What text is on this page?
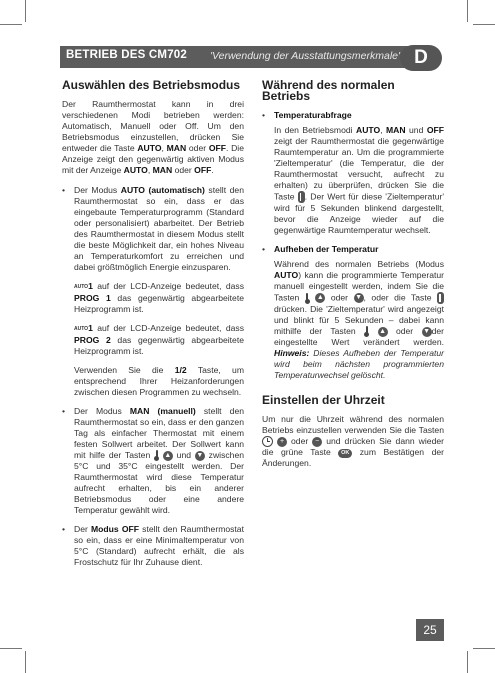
BETRIEB DES CM702 'Verwendung der Ausstattungsmerkmale' D
Auswählen des Betriebsmodus

Der Raumthermostat kann in drei verschiedenen Modi betrieben werden: Automatisch, Manuell oder Off. Um den Betriebsmodus einzustellen, drücken Sie entweder die Taste AUTO, MAN oder OFF. Die Anzeige zeigt den gegenwärtig aktiven Modus mit der Anzeige AUTO, MAN oder OFF.

• Der Modus AUTO (automatisch) stellt den Raumthermostat so ein, dass er das eingebaute Temperaturprogramm (Standard oder personalisiert) abarbeitet. Der Betrieb des Raumthermostat in diesem Modus stellt die beste Möglichkeit dar, ein hohes Niveau an Temperaturkomfort zu erreichen und dabei größtmöglich Energie einzusparen.

AUTO1 auf der LCD-Anzeige bedeutet, dass PROG 1 das gegenwärtig abgearbeitete Heizprogramm ist.

AUTO1 auf der LCD-Anzeige bedeutet, dass PROG 2 das gegenwärtig abgearbeitete Heizprogramm ist.

Verwenden Sie die 1/2 Taste, um entsprechend Ihrer Heizanforderungen zwischen diesen Programmen zu wechseln.

• Der Modus MAN (manuell) stellt den Raumthermostat so ein, dass er den ganzen Tag als einfacher Thermostat mit einem festen Sollwert arbeitet. Der Sollwert kann mit hilfe der Tasten  ▲ und ▼ zwischen 5°C und 35°C eingestellt werden. Der Raumthermostat wird diese Temperatur aufrecht erhalten, bis ein anderer Betriebsmodus oder eine andere Temperatur gewählt wird.
• Der Modus OFF stellt den Raumthermostat so ein, dass er eine Minimaltemperatur von 5°C (Standard) aufrecht erhält, die als Frostschutz für Ihr Zuhause dient.
Während des normalen Betriebs
• Temperaturabfrage

In den Betriebsmodi AUTO, MAN und OFF zeigt der Raumthermostat die gegenwärtige Raumtemperatur an. Um die programmierte 'Zieltemperatur' (die Temperatur, die der Raumthermostat versucht, aufrecht zu erhalten) zu überprüfen, drücken Sie die Taste . Der Wert für diese 'Zieltemperatur' wird für 5 Sekunden blinkend dargestellt, bevor die Anzeige wieder auf die gegenwärtige Raumtemperatur wechselt.

• Aufheben der Temperatur

Während des normalen Betriebs (Modus AUTO) kann die programmierte Temperatur manuell eingestellt werden, indem Sie die Tasten  ▲ oder ▼ , oder die Taste  drücken. Die 'Zieltemperatur' wird angezeigt und blinkt für 5 Sekunden – dabei kann mithilfe der Tasten  ▲ oder ▼ der eingestellte Wert verändert werden. Hinweis: Dieses Aufheben der Temperatur wird beim nächsten programmierten Temperaturwechsel gelöscht.

Einstellen der Uhrzeit

Um nur die Uhrzeit während des normalen Betriebs einzustellen verwenden Sie die Tasten  + oder − und drücken Sie dann wieder die grüne Taste OK zum Bestätigen der Änderungen.

25
